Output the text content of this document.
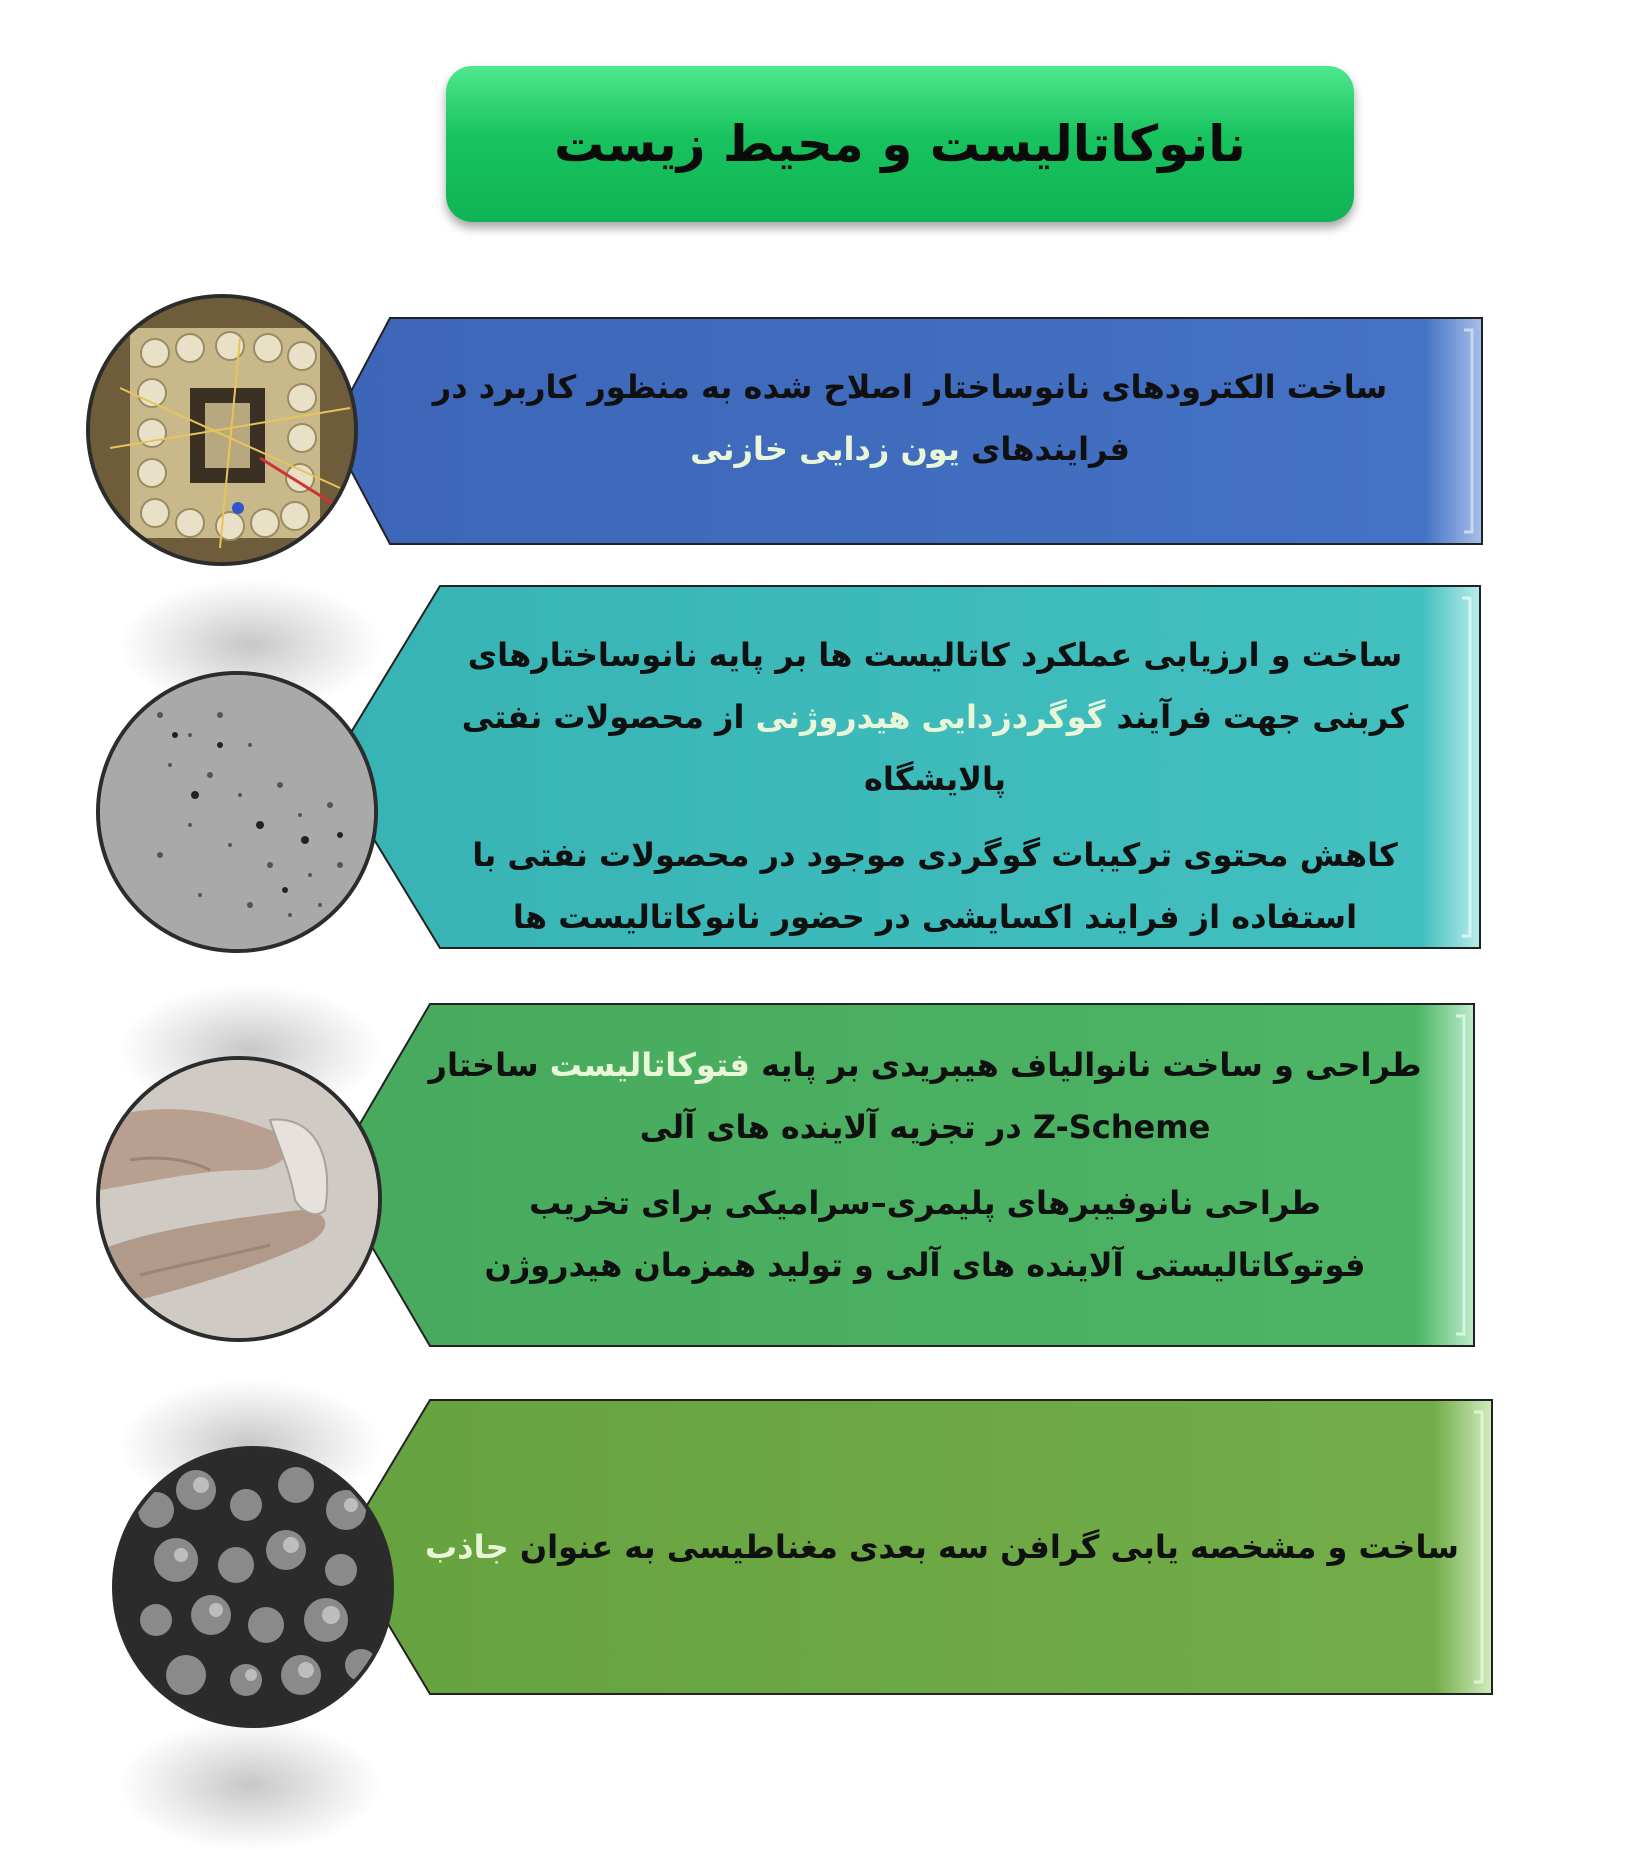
نانوکاتالیست و محیط زیست

ساخت الکترودهای نانوساختار اصلاح شده به منظور کاربرد در فرایندهای یون زدایی خازنی

ساخت و ارزیابی عملکرد کاتالیست ها بر پایه نانوساختارهای کربنی جهت فرآیند گوگردزدایی هیدروژنی از محصولات نفتی پالایشگاه

کاهش محتوی ترکیبات گوگردی موجود در محصولات نفتی با استفاده از فرایند اکسایشی در حضور نانوکاتالیست ها

طراحی و ساخت نانوالیاف هیبریدی بر پایه فتوکاتالیست ساختار Z-Scheme در تجزیه آلاینده های آلی

طراحی نانوفیبرهای پلیمری–سرامیکی برای تخریب فوتوکاتالیستی آلاینده های آلی و تولید همزمان هیدروژن

ساخت و مشخصه یابی گرافن سه بعدی مغناطیسی به عنوان جاذب
